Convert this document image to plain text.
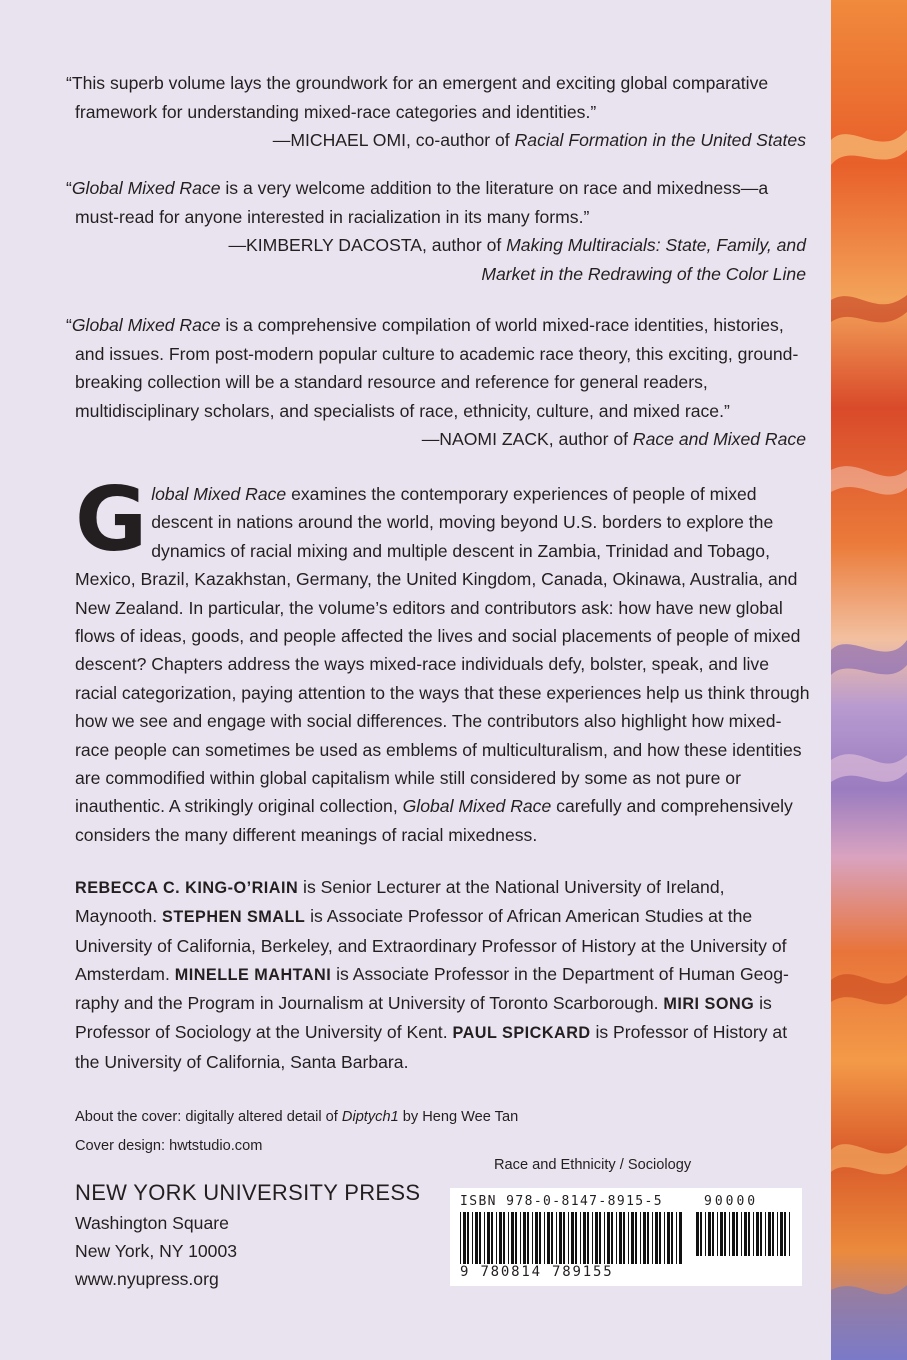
“This superb volume lays the groundwork for an emergent and exciting global comparative framework for understanding mixed-race categories and identities.”

—MICHAEL OMI, co-author of Racial Formation in the United States

“Global Mixed Race is a very welcome addition to the literature on race and mixedness—a must-read for anyone interested in racialization in its many forms.”

—KIMBERLY DACOSTA, author of Making Multiracials: State, Family, and Market in the Redrawing of the Color Line

“Global Mixed Race is a comprehensive compilation of world mixed-race identities, histories, and issues. From post-modern popular culture to academic race theory, this exciting, ground-breaking collection will be a standard resource and reference for general readers, multidisciplinary scholars, and specialists of race, ethnicity, culture, and mixed race.”

—NAOMI ZACK, author of Race and Mixed Race

Global Mixed Race examines the contemporary experiences of people of mixed descent in nations around the world, moving beyond U.S. borders to explore the dynamics of racial mixing and multiple descent in Zambia, Trinidad and Tobago, Mexico, Brazil, Kazakhstan, Germany, the United Kingdom, Canada, Okinawa, Australia, and New Zealand. In particular, the volume’s editors and contributors ask: how have new global flows of ideas, goods, and people affected the lives and social placements of people of mixed descent? Chapters address the ways mixed-race individuals defy, bolster, speak, and live racial categorization, paying attention to the ways that these experiences help us think through how we see and engage with social differences. The contributors also highlight how mixed-race people can sometimes be used as emblems of multiculturalism, and how these identities are commodified within global capitalism while still considered by some as not pure or inauthentic. A strikingly original collection, Global Mixed Race carefully and comprehensively considers the many different meanings of racial mixedness.
REBECCA C. KING-O’RIAIN is Senior Lecturer at the National University of Ireland, Maynooth. STEPHEN SMALL is Associate Professor of African American Studies at the University of California, Berkeley, and Extraordinary Professor of History at the University of Amsterdam. MINELLE MAHTANI is Associate Professor in the Department of Human Geography and the Program in Journalism at University of Toronto Scarborough. MIRI SONG is Professor of Sociology at the University of Kent. PAUL SPICKARD is Professor of History at the University of California, Santa Barbara.
About the cover: digitally altered detail of Diptych1 by Heng Wee Tan
Cover design: hwtstudio.com
Race and Ethnicity / Sociology
NEW YORK UNIVERSITY PRESS
Washington Square
New York, NY 10003
www.nyupress.org
ISBN 978-0-8147-8915-5	90000
9 780814 789155
